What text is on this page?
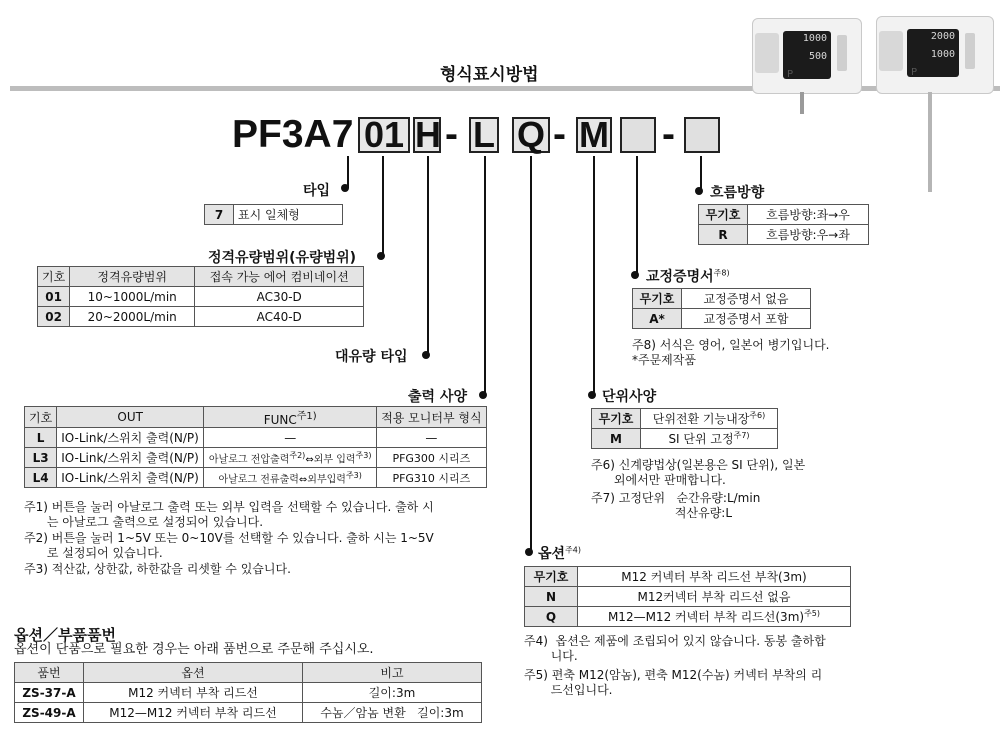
형식표시방법
1000
500
P
2000
1000
P
PF3A7 01 H - L Q - M -
타입
7	표시 일체형
정격유량범위(유량범위)
기호	정격유량범위	접속 가능 에어 컴비네이션
01	10~1000L/min	AC30-D
02	20~2000L/min	AC40-D
대유량 타입
출력 사양
기호	OUT	$FUNC^{주1)}$	적용 모니터부 형식
L	IO-Link/스위치 출력(N/P)	—	—
L3	IO-Link/스위치 출력(N/P)	아날로그 전압출력$^{주2)}$⇔외부 입력$^{주3)}$	PFG300 시리즈
L4	IO-Link/스위치 출력(N/P)	아날로그 전류출력⇔외부입력$^{주3)}$	PFG310 시리즈
주1) 버튼을 눌러 아날로그 출력 또는 외부 입력을 선택할 수 있습니다. 출하 시
는 아날로그 출력으로 설정되어 있습니다.
주2) 버튼을 눌러 1~5V 또는 0~10V를 선택할 수 있습니다. 출하 시는 1~5V
로 설정되어 있습니다.
주3) 적산값, 상한값, 하한값을 리셋할 수 있습니다.
흐름방향
무기호	흐름방향:좌→우
R	흐름방향:우→좌
교정증명서$^{주8)}$
무기호	교정증명서 없음
A*	교정증명서 포함
주8) 서식은 영어, 일본어 병기입니다.
*주문제작품
단위사양
무기호	단위전환 기능내장$^{주6)}$
M	SI 단위 고정$^{주7)}$
주6) 신계량법상(일본용은 SI 단위), 일본
외에서만 판매합니다.
주7) 고정단위   순간유량:L/min
적산유량:L
옵션$^{주4)}$
무기호	M12 커넥터 부착 리드선 부착(3m)
N	M12커넥터 부착 리드선 없음
Q	M12—M12 커넥터 부착 리드선$(3m)^{주5)}$
주4)  옵션은 제품에 조립되어 있지 않습니다. 동봉 출하합
니다.
주5) 편축 M12(암놈), 편축 M12(수놈) 커넥터 부착의 리
드선입니다.
옵션／부품품번
옵션이 단품으로 필요한 경우는 아래 품번으로 주문해 주십시오.
품번	옵션	비고
ZS-37-A	M12 커넥터 부착 리드선	길이:3m
ZS-49-A	M12—M12 커넥터 부착 리드선	수놈／암놈 변환   길이:3m
